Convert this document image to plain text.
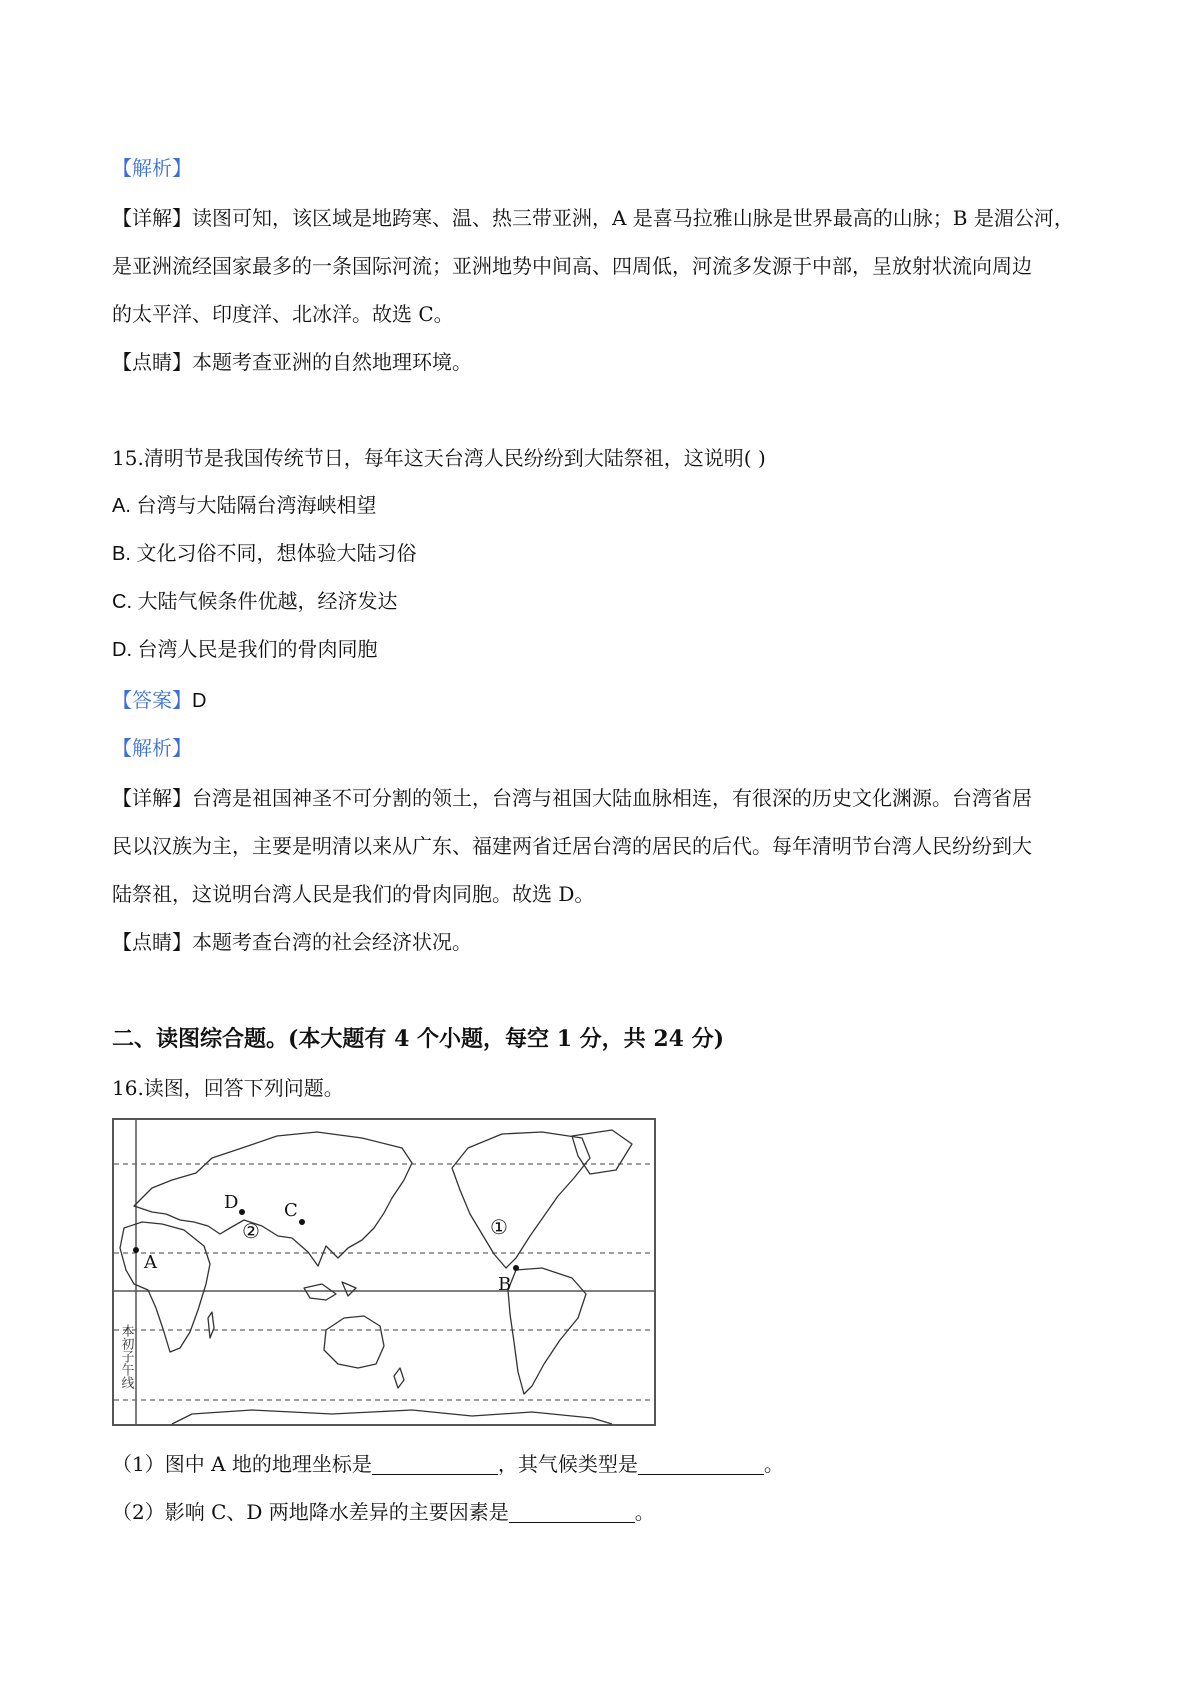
【解析】
【详解】读图可知，该区域是地跨寒、温、热三带亚洲，A 是喜马拉雅山脉是世界最高的山脉；B 是湄公河，
是亚洲流经国家最多的一条国际河流；亚洲地势中间高、四周低，河流多发源于中部，呈放射状流向周边
的太平洋、印度洋、北冰洋。故选 C。
【点睛】本题考查亚洲的自然地理环境。
15.清明节是我国传统节日，每年这天台湾人民纷纷到大陆祭祖，这说明( )
A. 台湾与大陆隔台湾海峡相望
B. 文化习俗不同，想体验大陆习俗
C. 大陆气候条件优越，经济发达
D. 台湾人民是我们的骨肉同胞
【答案】D
【解析】
【详解】台湾是祖国神圣不可分割的领土，台湾与祖国大陆血脉相连，有很深的历史文化渊源。台湾省居
民以汉族为主，主要是明清以来从广东、福建两省迁居台湾的居民的后代。每年清明节台湾人民纷纷到大
陆祭祖，这说明台湾人民是我们的骨肉同胞。故选 D。
【点睛】本题考查台湾的社会经济状况。
二、读图综合题。(本大题有 4 个小题，每空 1 分，共 24 分)
16.读图，回答下列问题。
A
B
C
D
①
②
本初子午线
（1）图中 A 地的地理坐标是	，其气候类型是	。
（2）影响 C、D 两地降水差异的主要因素是	。
